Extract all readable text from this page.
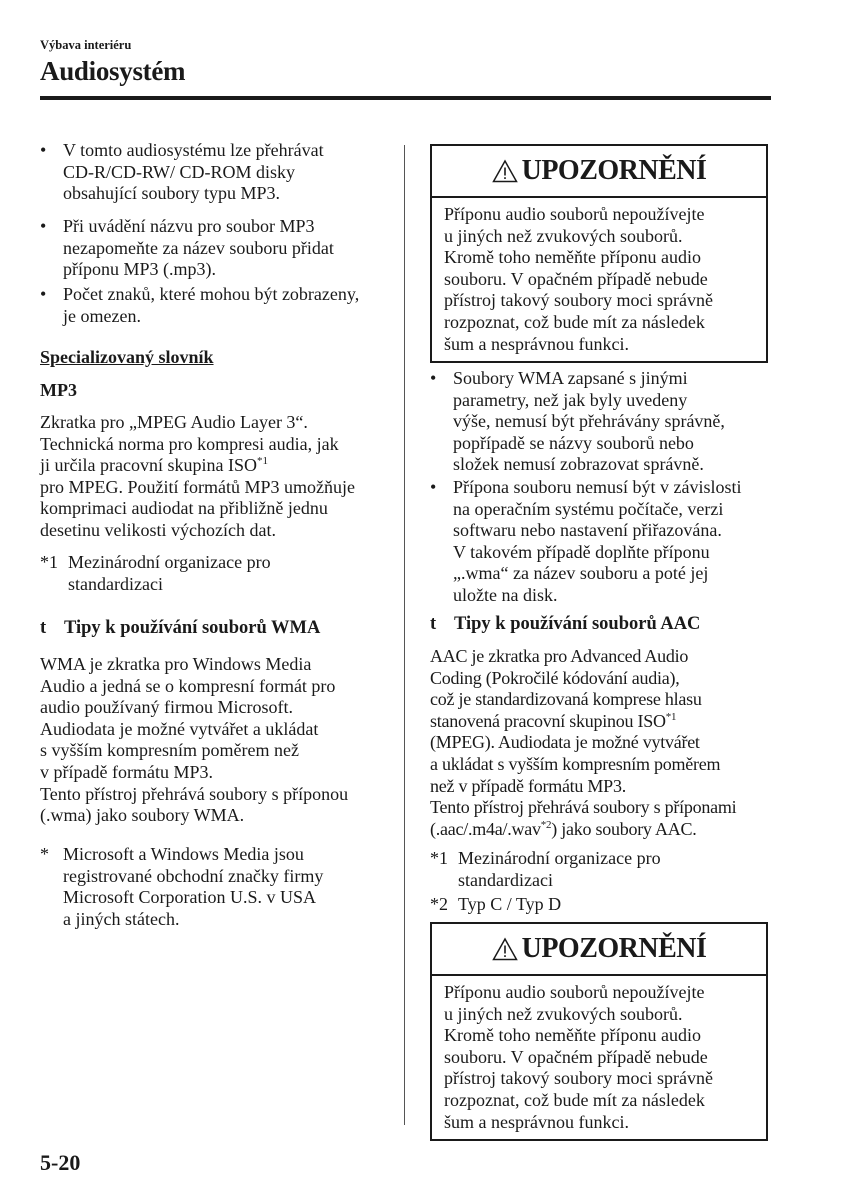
Výbava interiéru
Audiosystém
• V tomto audiosystému lze přehrávat
CD-R/CD-RW/ CD-ROM disky
obsahující soubory typu MP3.
• Při uvádění názvu pro soubor MP3
nezapomeňte za název souboru přidat
příponu MP3 (.mp3).
• Počet znaků, které mohou být zobrazeny,
je omezen.
Specializovaný slovník
MP3
Zkratka pro „MPEG Audio Layer 3“.
Technická norma pro kompresi audia, jak
ji určila pracovní skupina ISO$^{*1}$
pro MPEG. Použití formátů MP3 umožňuje
komprimaci audiodat na přibližně jednu
desetinu velikosti výchozích dat.
*1 Mezinárodní organizace pro
standardizaci
t Tipy k používání souborů WMA
WMA je zkratka pro Windows Media
Audio a jedná se o kompresní formát pro
audio používaný firmou Microsoft.
Audiodata je možné vytvářet a ukládat
s vyšším kompresním poměrem než
v případě formátu MP3.
Tento přístroj přehrává soubory s příponou
(.wma) jako soubory WMA.
* Microsoft a Windows Media jsou
registrované obchodní značky firmy
Microsoft Corporation U.S. v USA
a jiných státech.
UPOZORNĚNÍ
Příponu audio souborů nepoužívejte
u jiných než zvukových souborů.
Kromě toho neměňte příponu audio
souboru. V opačném případě nebude
přístroj takový soubory moci správně
rozpoznat, což bude mít za následek
šum a nesprávnou funkci.
• Soubory WMA zapsané s jinými
parametry, než jak byly uvedeny
výše, nemusí být přehrávány správně,
popřípadě se názvy souborů nebo
složek nemusí zobrazovat správně.
• Přípona souboru nemusí být v závislosti
na operačním systému počítače, verzi
softwaru nebo nastavení přiřazována.
V takovém případě doplňte příponu
„.wma“ za název souboru a poté jej
uložte na disk.
t Tipy k používání souborů AAC
AAC je zkratka pro Advanced Audio
Coding (Pokročilé kódování audia),
což je standardizovaná komprese hlasu
stanovená pracovní skupinou ISO$^{*1}$
(MPEG). Audiodata je možné vytvářet
a ukládat s vyšším kompresním poměrem
než v případě formátu MP3.
Tento přístroj přehrává soubory s příponami
(.aac/.m4a/.wav$^{*2}$) jako soubory AAC.
*1 Mezinárodní organizace pro
standardizaci
*2 Typ C / Typ D
UPOZORNĚNÍ
Příponu audio souborů nepoužívejte
u jiných než zvukových souborů.
Kromě toho neměňte příponu audio
souboru. V opačném případě nebude
přístroj takový soubory moci správně
rozpoznat, což bude mít za následek
šum a nesprávnou funkci.
5-20
